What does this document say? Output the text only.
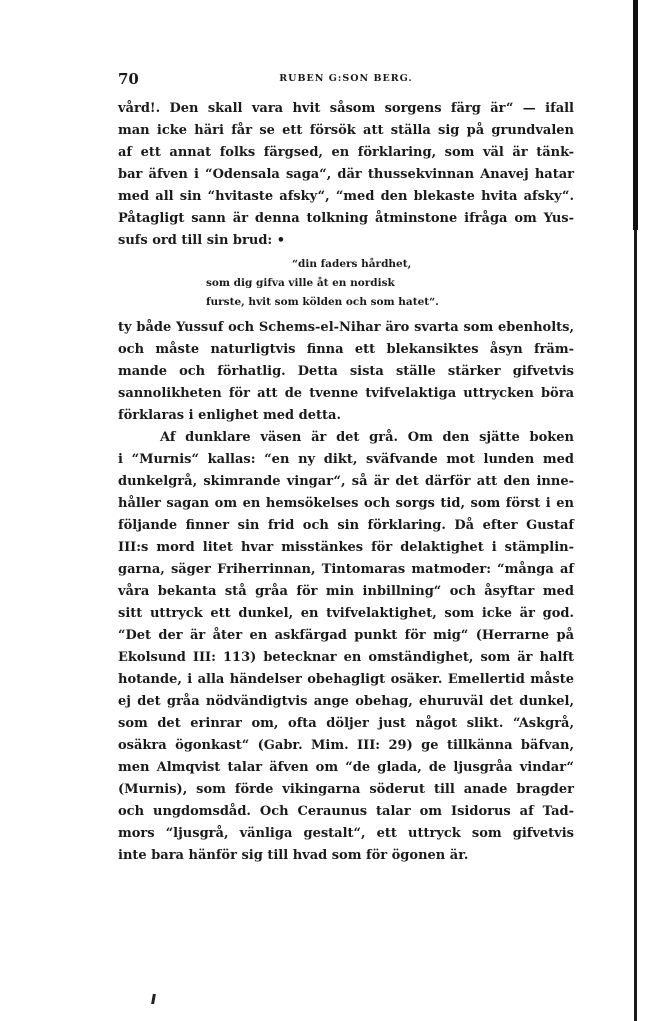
70	RUBEN G:SON BERG.
vård!. Den skall vara hvit såsom sorgens färg är“ — ifall
man icke häri får se ett försök att ställa sig på grundvalen
af ett annat folks färgsed, en förklaring, som väl är tänk-
bar äfven i “Odensala saga“, där thussekvinnan Anavej hatar
med all sin “hvitaste afsky“, “med den blekaste hvita afsky“.
Påtagligt sann är denna tolkning åtminstone ifråga om Yus-
sufs ord till sin brud: •
“din faders hårdhet,
som dig gifva ville åt en nordisk
furste, hvit som kölden och som hatet“.
ty både Yussuf och Schems-el-Nihar äro svarta som ebenholts,
och måste naturligtvis finna ett blekansiktes åsyn främ-
mande och förhatlig. Detta sista ställe stärker gifvetvis
sannolikheten för att de tvenne tvifvelaktiga uttrycken böra
förklaras i enlighet med detta.
Af dunklare väsen är det grå. Om den sjätte boken
i “Murnis“ kallas: “en ny dikt, sväfvande mot lunden med
dunkelgrå, skimrande vingar“, så är det därför att den inne-
håller sagan om en hemsökelses och sorgs tid, som först i en
följande finner sin frid och sin förklaring. Då efter Gustaf
III:s mord litet hvar misstänkes för delaktighet i stämplin-
garna, säger Friherrinnan, Tintomaras matmoder: “många af
våra bekanta stå gråa för min inbillning“ och åsyftar med
sitt uttryck ett dunkel, en tvifvelaktighet, som icke är god.
“Det der är åter en askfärgad punkt för mig“ (Herrarne på
Ekolsund III: 113) betecknar en omständighet, som är halft
hotande, i alla händelser obehagligt osäker. Emellertid måste
ej det gråa nödvändigtvis ange obehag, ehuruväl det dunkel,
som det erinrar om, ofta döljer just något slikt. “Askgrå,
osäkra ögonkast“ (Gabr. Mim. III: 29) ge tillkänna bäfvan,
men Almqvist talar äfven om “de glada, de ljusgråa vindar“
(Murnis), som förde vikingarna söderut till anade bragder
och ungdomsdåd. Och Ceraunus talar om Isidorus af Tad-
mors “ljusgrå, vänliga gestalt“, ett uttryck som gifvetvis
inte bara hänför sig till hvad som för ögonen är.
